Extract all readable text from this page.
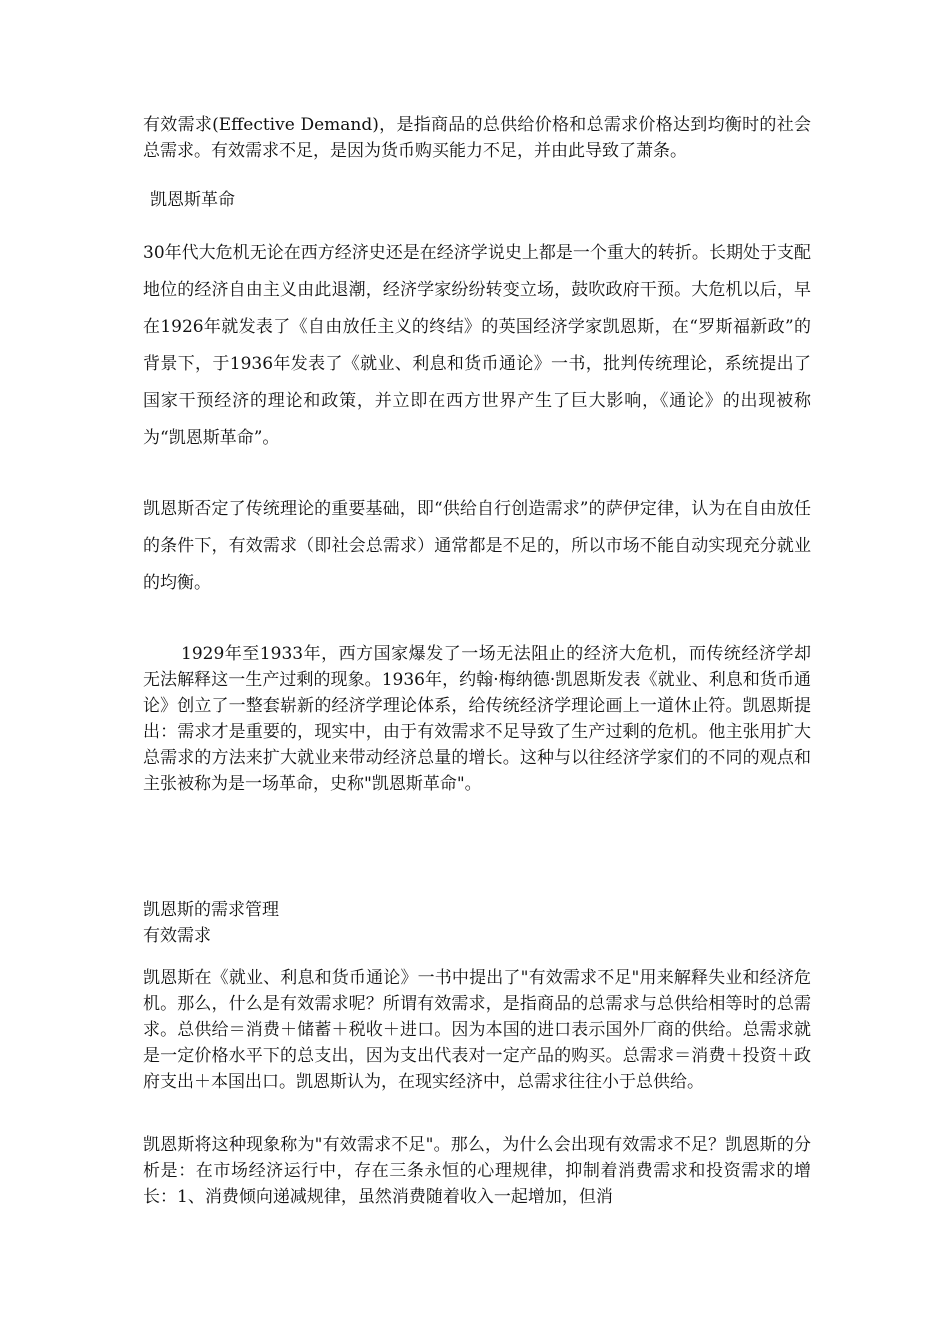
有效需求(Effective Demand)，是指商品的总供给价格和总需求价格达到均衡时的社会总需求。有效需求不足，是因为货币购买能力不足，并由此导致了萧条。

凯恩斯革命

30年代大危机无论在西方经济史还是在经济学说史上都是一个重大的转折。长期处于支配地位的经济自由主义由此退潮，经济学家纷纷转变立场，鼓吹政府干预。大危机以后，早在1926年就发表了《自由放任主义的终结》的英国经济学家凯恩斯，在“罗斯福新政”的背景下，于1936年发表了《就业、利息和货币通论》一书，批判传统理论，系统提出了国家干预经济的理论和政策，并立即在西方世界产生了巨大影响，《通论》的出现被称为“凯恩斯革命”。

凯恩斯否定了传统理论的重要基础，即“供给自行创造需求”的萨伊定律，认为在自由放任的条件下，有效需求（即社会总需求）通常都是不足的，所以市场不能自动实现充分就业的均衡。

1929年至1933年，西方国家爆发了一场无法阻止的经济大危机，而传统经济学却无法解释这一生产过剩的现象。1936年，约翰·梅纳德·凯恩斯发表《就业、利息和货币通论》创立了一整套崭新的经济学理论体系，给传统经济学理论画上一道休止符。凯恩斯提出：需求才是重要的，现实中，由于有效需求不足导致了生产过剩的危机。他主张用扩大总需求的方法来扩大就业来带动经济总量的增长。这种与以往经济学家们的不同的观点和主张被称为是一场革命，史称"凯恩斯革命"。

凯恩斯的需求管理
有效需求

凯恩斯在《就业、利息和货币通论》一书中提出了"有效需求不足"用来解释失业和经济危机。那么，什么是有效需求呢？所谓有效需求，是指商品的总需求与总供给相等时的总需求。总供给＝消费＋储蓄＋税收＋进口。因为本国的进口表示国外厂商的供给。总需求就是一定价格水平下的总支出，因为支出代表对一定产品的购买。总需求＝消费＋投资＋政府支出＋本国出口。凯恩斯认为，在现实经济中，总需求往往小于总供给。

凯恩斯将这种现象称为"有效需求不足"。那么，为什么会出现有效需求不足？凯恩斯的分析是：在市场经济运行中，存在三条永恒的心理规律，抑制着消费需求和投资需求的增长：1、消费倾向递减规律，虽然消费随着收入一起增加，但消
